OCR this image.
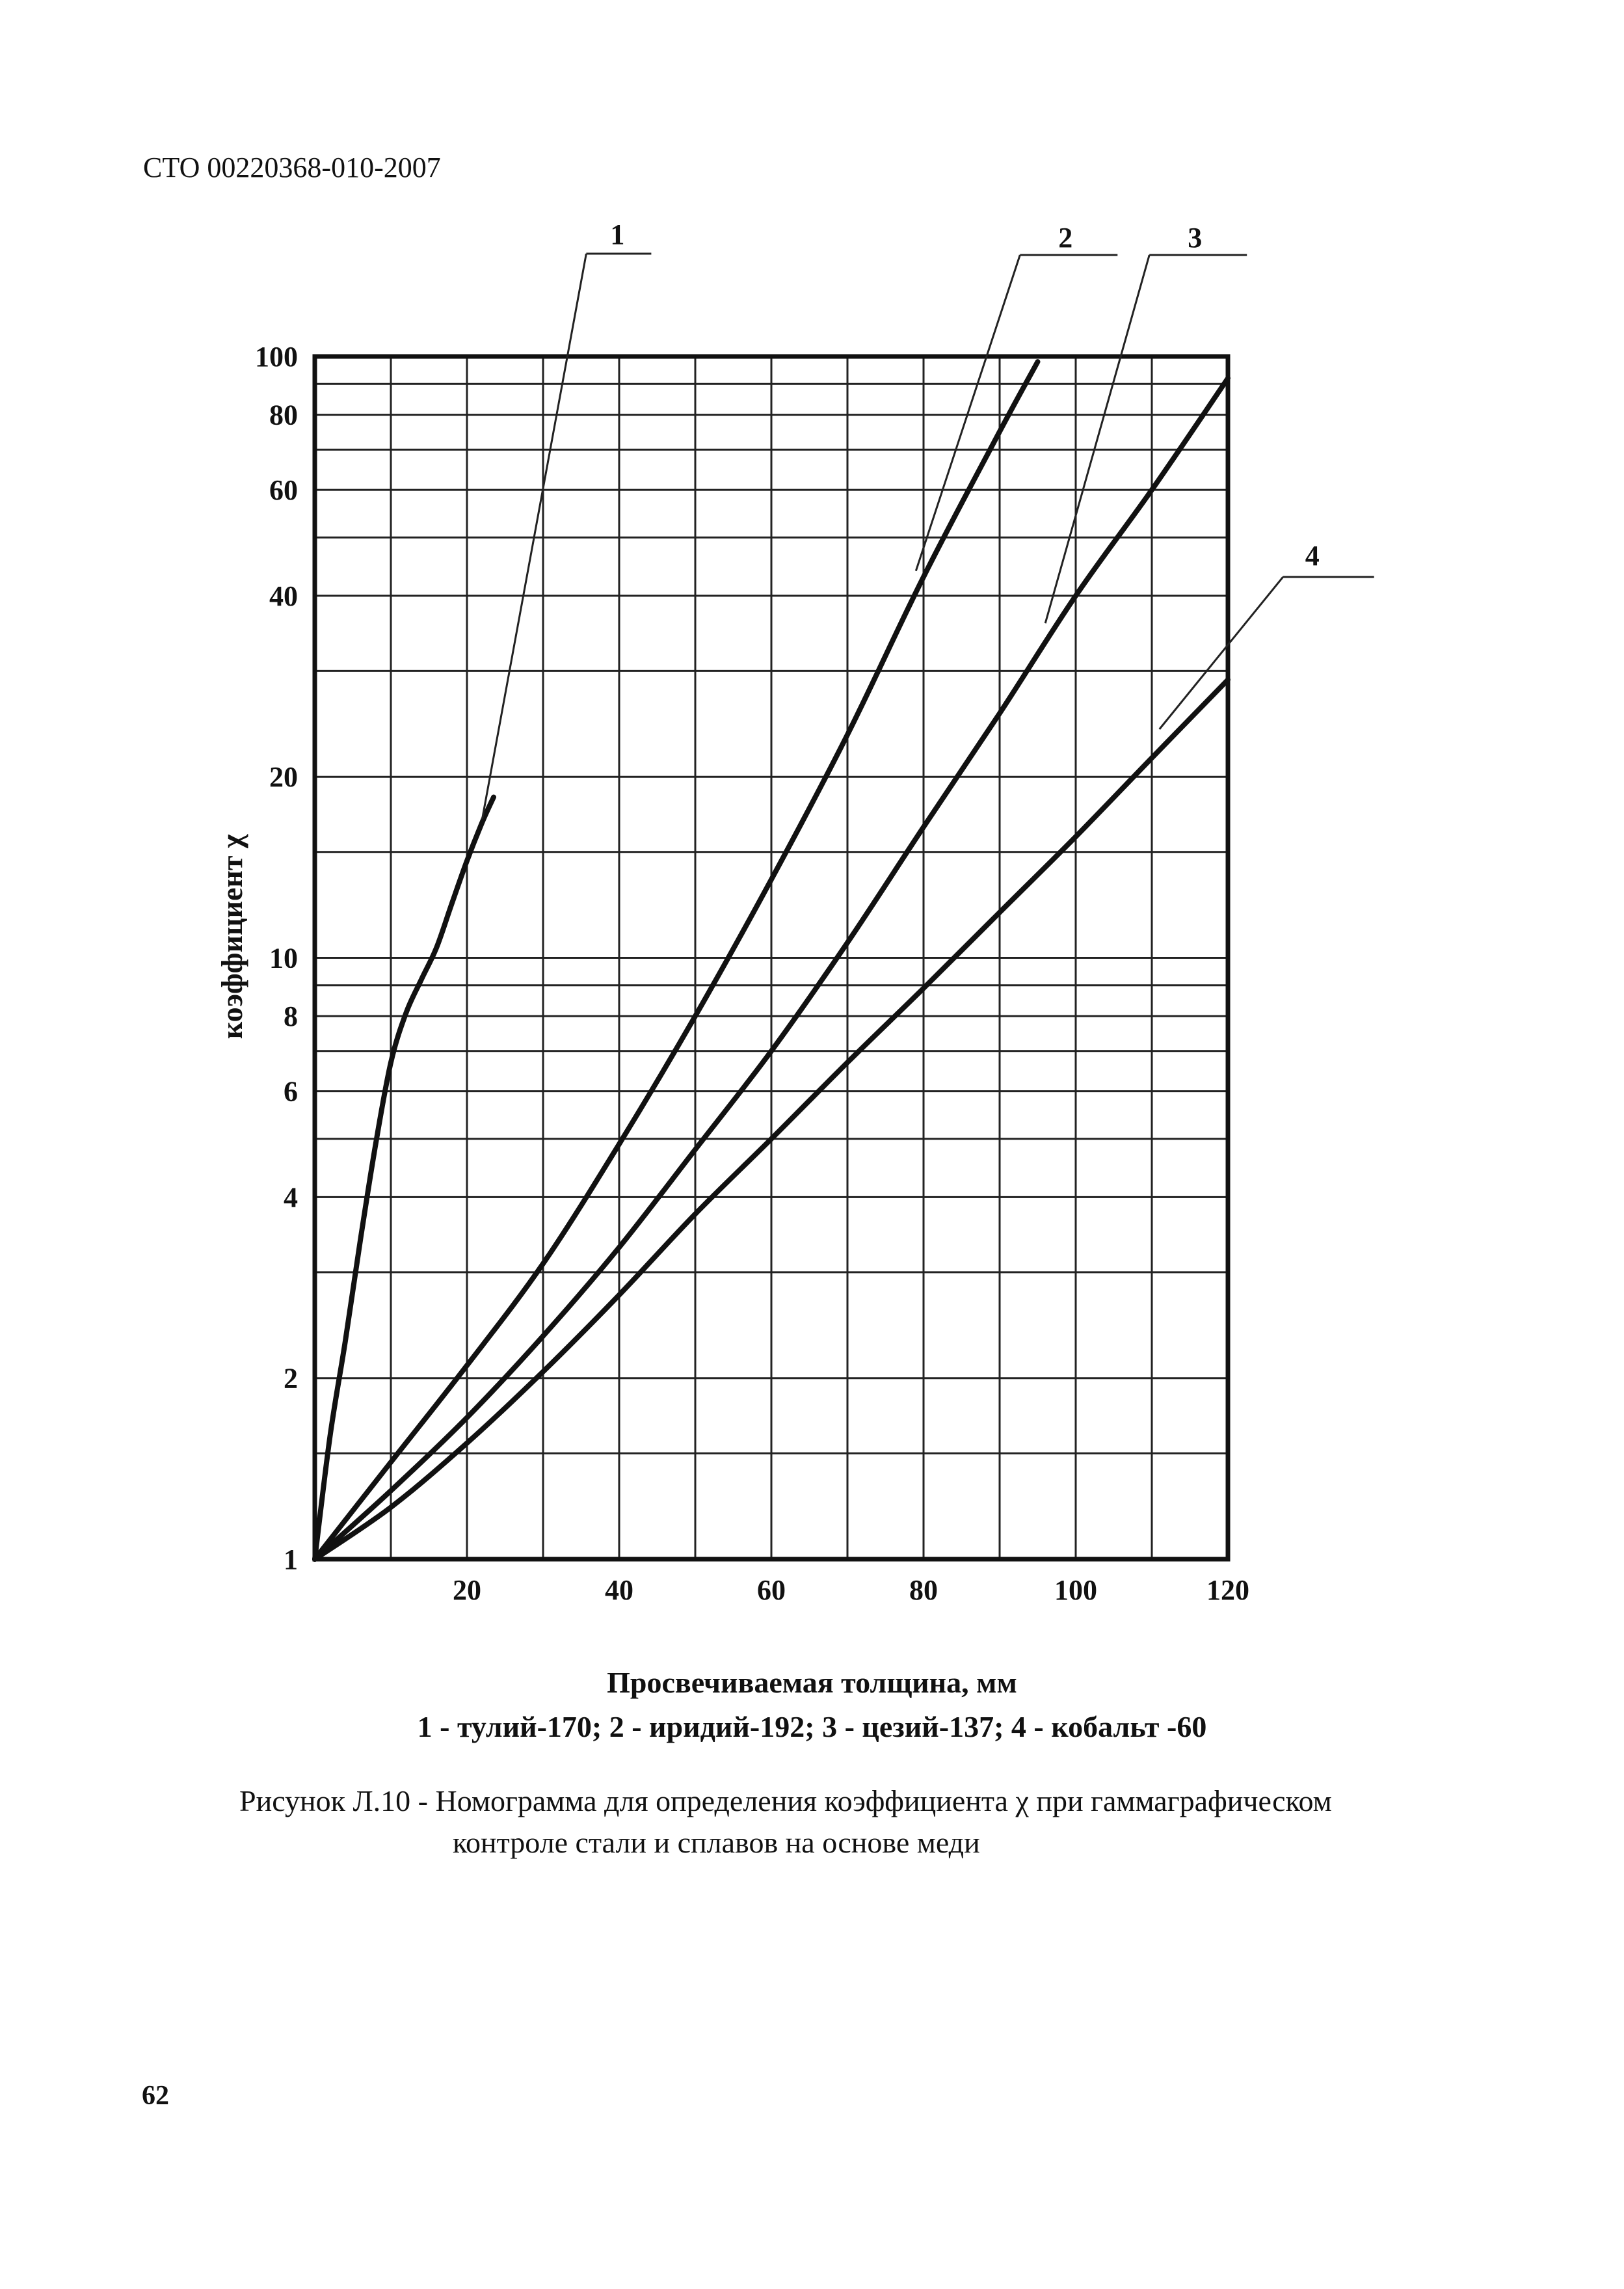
СТО 00220368-010-2007
1
2
4
6
8
10
20
40
60
80
100
20	40	60	80	100	120
1	2	3
4
коэффициент χ
Просвечиваемая толщина, мм
1 - тулий-170; 2 - иридий-192; 3 - цезий-137; 4 - кобальт -60
Рисунок Л.10 - Номограмма для определения коэффициента χ при гаммаграфическом
контроле стали и сплавов на основе меди
62
